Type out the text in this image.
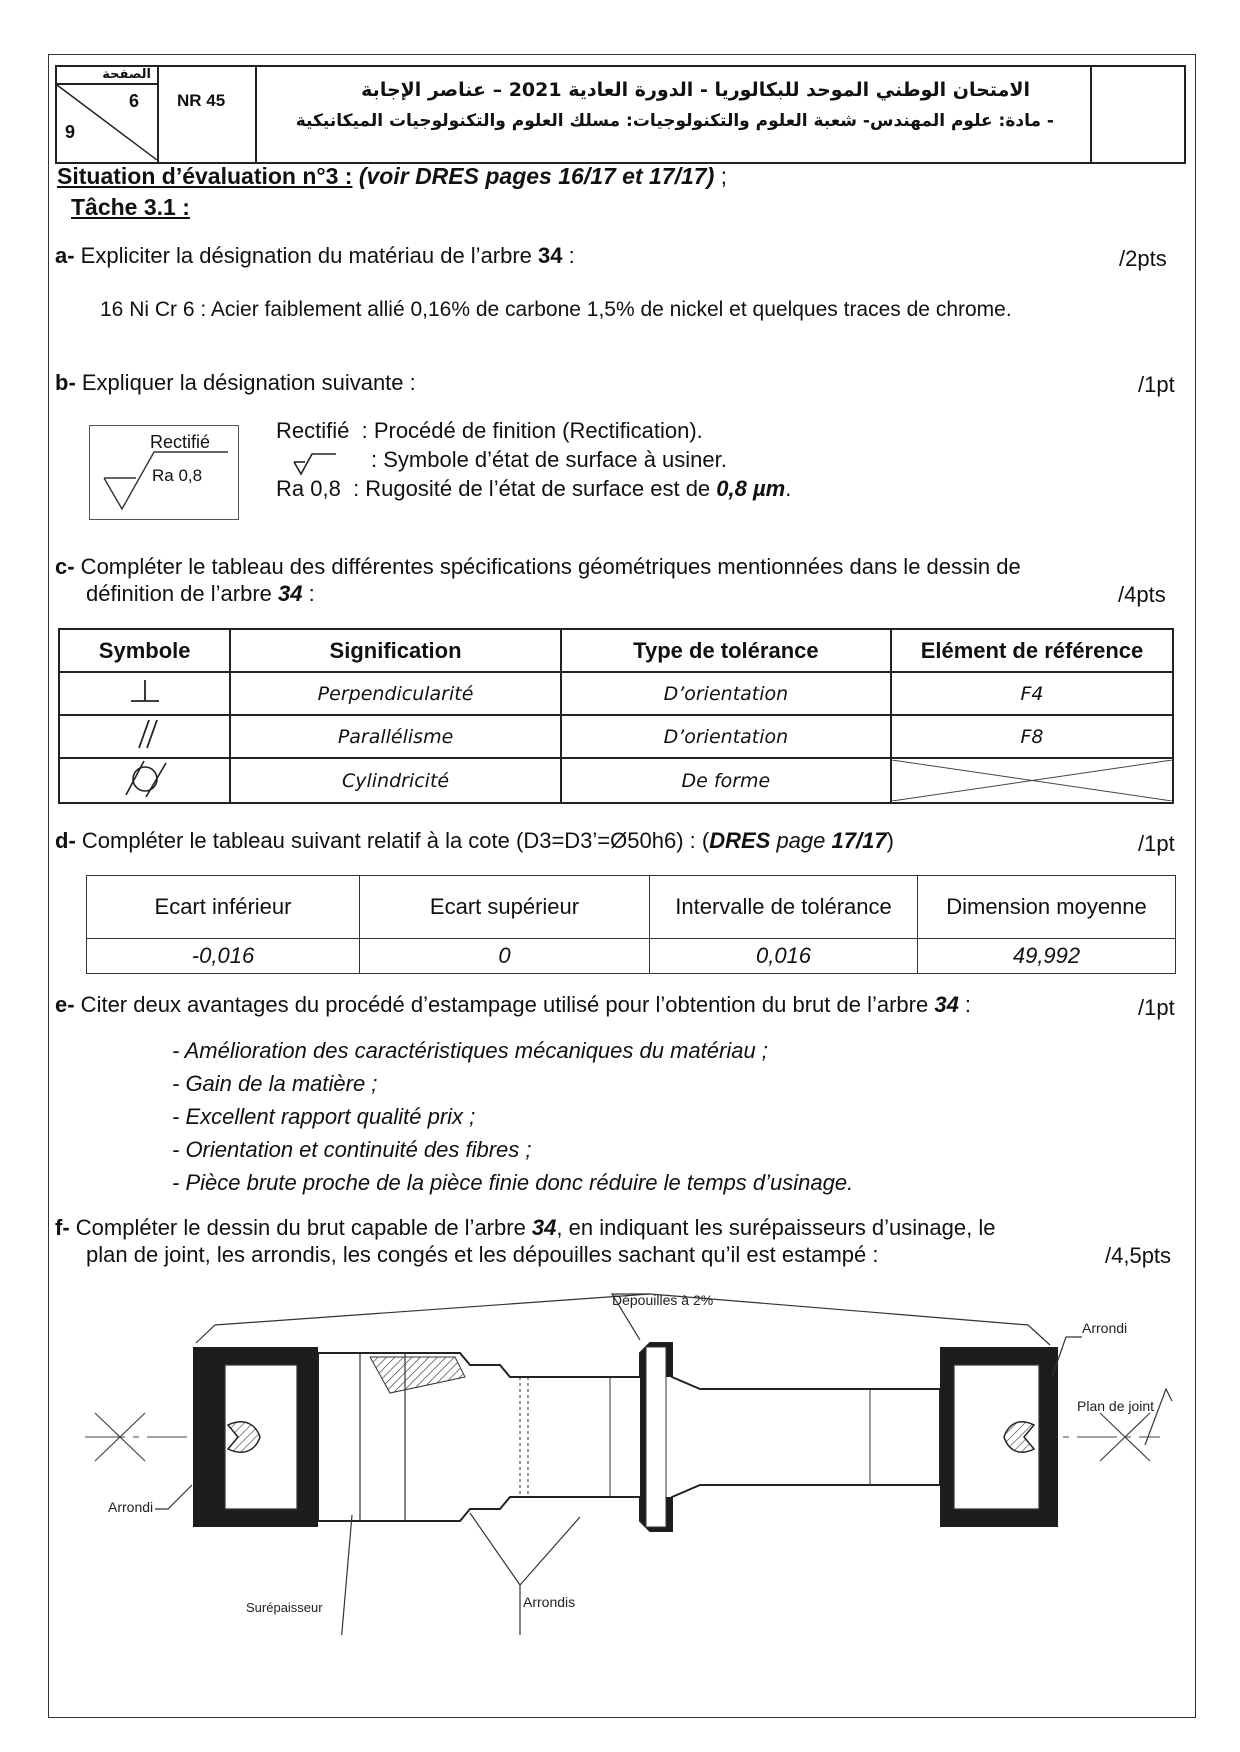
الصفحة
6
9
NR 45	الامتحان الوطني الموحد للبكالوريا - الدورة العادية 2021 – عناصر الإجابة
- مادة: علوم المهندس- شعبة العلوم والتكنولوجيات: مسلك العلوم والتكنولوجيات الميكانيكية
Situation d’évaluation n°3 : (voir DRES pages 16/17 et 17/17) ;
Tâche 3.1 :
a- Expliciter la désignation du matériau de l’arbre 34 :	/2pts
16 Ni Cr 6 : Acier faiblement allié 0,16% de carbone 1,5% de nickel et quelques traces de chrome.
b- Expliquer la désignation suivante :	/1pt
Rectifié
Ra 0,8
Rectifié : Procédé de finition (Rectification).
: Symbole d’état de surface à usiner.
Ra 0,8 : Rugosité de l’état de surface est de 0,8 µm.
c- Compléter le tableau des différentes spécifications géométriques mentionnées dans le dessin de
définition de l’arbre 34 :	/4pts
Symbole	Signification	Type de tolérance	Elément de référence
	Perpendicularité	D’orientation	F4
	Parallélisme	D’orientation	F8
	Cylindricité	De forme	
d- Compléter le tableau suivant relatif à la cote (D3=D3’=Ø50h6) : (DRES page 17/17)	/1pt
Ecart inférieur	Ecart supérieur	Intervalle de tolérance	Dimension moyenne
-0,016	0	0,016	49,992
e- Citer deux avantages du procédé d’estampage utilisé pour l’obtention du brut de l’arbre 34 :	/1pt
- Amélioration des caractéristiques mécaniques du matériau ;
- Gain de la matière ;
- Excellent rapport qualité prix ;
- Orientation et continuité des fibres ;
- Pièce brute proche de la pièce finie donc réduire le temps d’usinage.
f- Compléter le dessin du brut capable de l’arbre 34, en indiquant les surépaisseurs d’usinage, le
plan de joint, les arrondis, les congés et les dépouilles sachant qu’il est estampé :	/4,5pts
Dépouilles à 2%
Arrondi
Plan de joint
Arrondi
Surépaisseur	Arrondis
